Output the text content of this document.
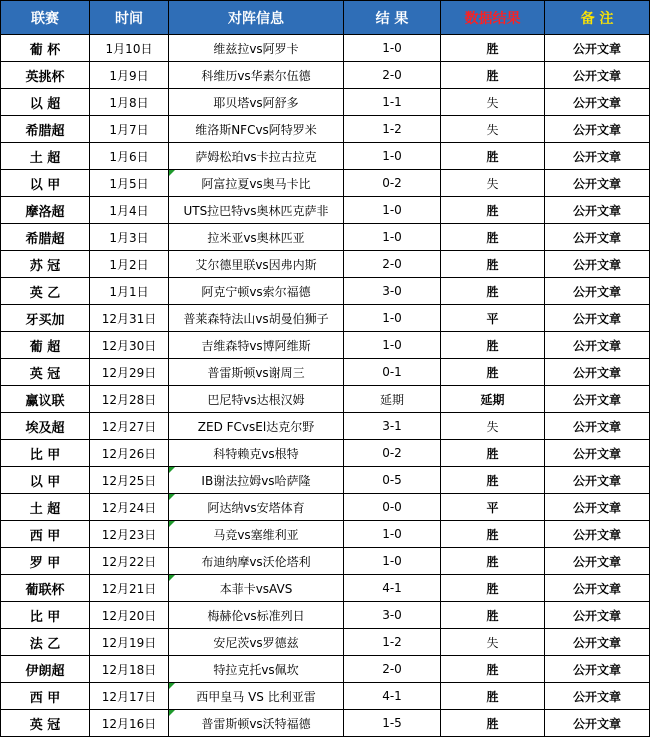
联赛	时间	对阵信息	结 果	数据结果	备 注
葡 杯	1月10日	维兹拉vs阿罗卡	1-0	胜	公开文章
英挑杯	1月9日	科维历vs华素尔伍德	2-0	胜	公开文章
以 超	1月8日	耶贝塔vs阿舒多	1-1	失	公开文章
希腊超	1月7日	维洛斯NFCvs阿特罗米	1-2	失	公开文章
土 超	1月6日	萨姆松珀vs卡拉古拉克	1-0	胜	公开文章
以 甲	1月5日	阿富拉夏vs奥马卡比	0-2	失	公开文章
摩洛超	1月4日	UTS拉巴特vs奥林匹克萨非	1-0	胜	公开文章
希腊超	1月3日	拉米亚vs奥林匹亚	1-0	胜	公开文章
苏 冠	1月2日	艾尔德里联vs因弗内斯	2-0	胜	公开文章
英 乙	1月1日	阿克宁顿vs索尔福德	3-0	胜	公开文章
牙买加	12月31日	普莱森特法山vs胡曼伯狮子	1-0	平	公开文章
葡 超	12月30日	吉维森特vs博阿维斯	1-0	胜	公开文章
英 冠	12月29日	普雷斯顿vs谢周三	0-1	胜	公开文章
赢议联	12月28日	巴尼特vs达根汉姆	延期	延期	公开文章
埃及超	12月27日	ZED FCvsEl达克尔野	3-1	失	公开文章
比 甲	12月26日	科特赖克vs根特	0-2	胜	公开文章
以 甲	12月25日	IB谢法拉姆vs哈萨隆	0-5	胜	公开文章
土 超	12月24日	阿达纳vs安塔体育	0-0	平	公开文章
西 甲	12月23日	马竞vs塞维利亚	1-0	胜	公开文章
罗 甲	12月22日	布迪纳摩vs沃伦塔利	1-0	胜	公开文章
葡联杯	12月21日	本菲卡vsAVS	4-1	胜	公开文章
比 甲	12月20日	梅赫伦vs标准列日	3-0	胜	公开文章
法 乙	12月19日	安尼茨vs罗德兹	1-2	失	公开文章
伊朗超	12月18日	特拉克托vs佩坎	2-0	胜	公开文章
西 甲	12月17日	西甲皇马 VS 比利亚雷	4-1	胜	公开文章
英 冠	12月16日	普雷斯顿vs沃特福德	1-5	胜	公开文章
